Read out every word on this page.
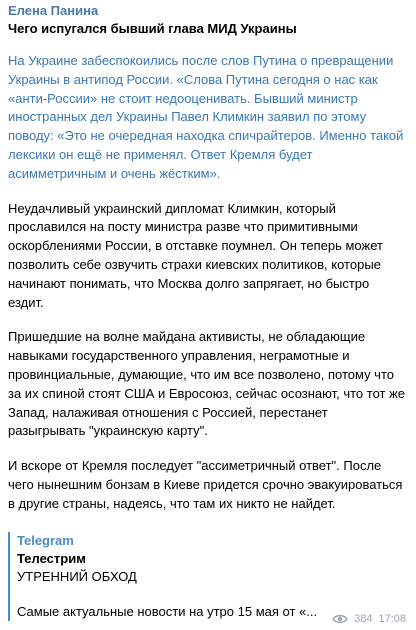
Елена Панина
Чего испугался бывший глава МИД Украины
На Украине забеспокоились после слов Путина о превращении Украины в антипод России. «Слова Путина сегодня о нас как «анти-России» не стоит недооценивать. Бывший министр иностранных дел Украины Павел Климкин заявил по этому поводу: «Это не очередная находка спичрайтеров. Именно такой лексики он ещё не применял. Ответ Кремля будет асимметричным и очень жёстким».
Неудачливый украинский дипломат Климкин, который прославился на посту министра разве что примитивными оскорблениями России, в отставке поумнел. Он теперь может позволить себе озвучить страхи киевских политиков, которые начинают понимать, что Москва долго запрягает, но быстро ездит.
Пришедшие на волне майдана активисты, не обладающие навыками государственного управления, неграмотные и провинциальные, думающие, что им все позволено, потому что за их спиной стоят США и Евросоюз, сейчас осознают, что тот же Запад, налаживая отношения с Россией, перестанет разыгрывать "украинскую карту".
И вскоре от Кремля последует "ассиметричный ответ". После чего нынешним бонзам в Киеве придется срочно эвакуироваться в другие страны, надеясь, что там их никто не найдет.
Telegram
Телестрим
УТРЕННИЙ ОБХОД
Самые актуальные новости на утро 15 мая от «...	384 17:08
